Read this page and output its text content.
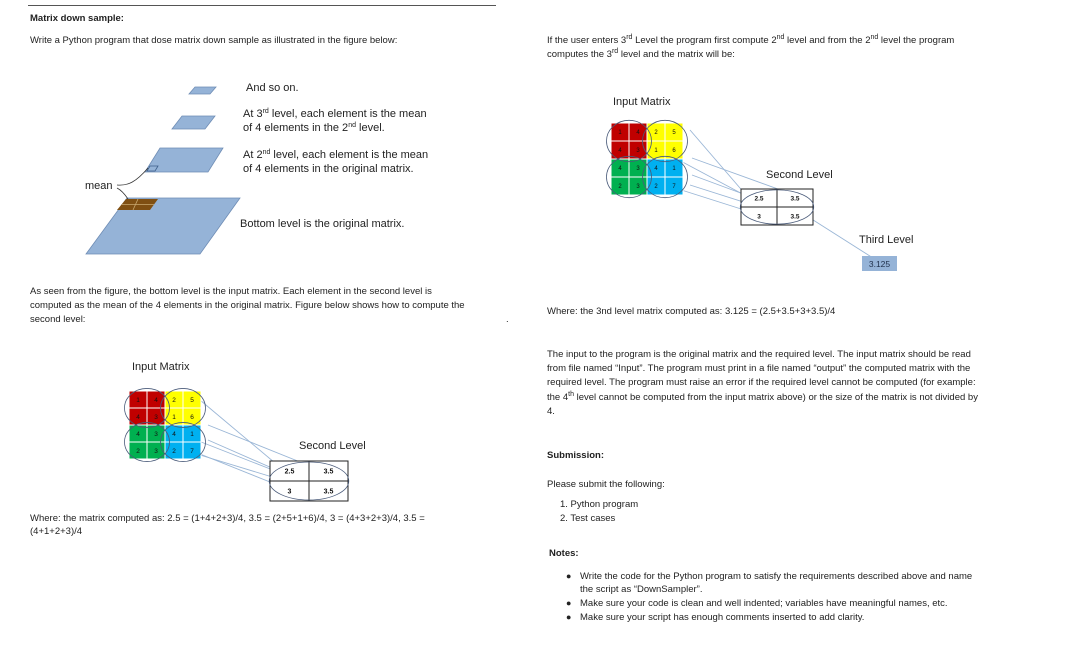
Matrix down sample:
Write a Python program that dose matrix down sample as illustrated in the figure below:
And so on.
At 3rd level, each element is the mean
of 4 elements in the 2nd level.
At 2nd level, each element is the mean
of 4 elements in the original matrix.
mean
Bottom level is the original matrix.
As seen from the figure, the bottom level is the input matrix. Each element in the second level is
computed as the mean of the 4 elements in the original matrix. Figure below shows how to compute the
second level:	.
Input Matrix
Second Level
1 4 2 5
4 3 1 6
4 3 4 1
2 3 2 7
2.5	3.5
3	3.5
Where: the matrix computed as: 2.5 = (1+4+2+3)/4, 3.5 = (2+5+1+6)/4, 3 = (4+3+2+3)/4, 3.5 =
(4+1+2+3)/4
If the user enters 3rd Level the program first compute 2nd level and from the 2nd level the program
computes the 3rd level and the matrix will be:
Input Matrix
Second Level
Third Level
1 4 2 5
4 3 1 6
4 3 4 1
2 3 2 7
2.5	3.5
3	3.5
3.125
Where: the 3nd level matrix computed as: 3.125 = (2.5+3.5+3+3.5)/4
The input to the program is the original matrix and the required level. The input matrix should be read
from file named “Input”. The program must print in a file named “output” the computed matrix with the
required level. The program must raise an error if the required level cannot be computed (for example:
the 4th level cannot be computed from the input matrix above) or the size of the matrix is not divided by
4.
Submission:
Please submit the following:
1. Python program
2. Test cases
Notes:
● Write the code for the Python program to satisfy the requirements described above and name
the script as “DownSampler”.
● Make sure your code is clean and well indented; variables have meaningful names, etc.
● Make sure your script has enough comments inserted to add clarity.
